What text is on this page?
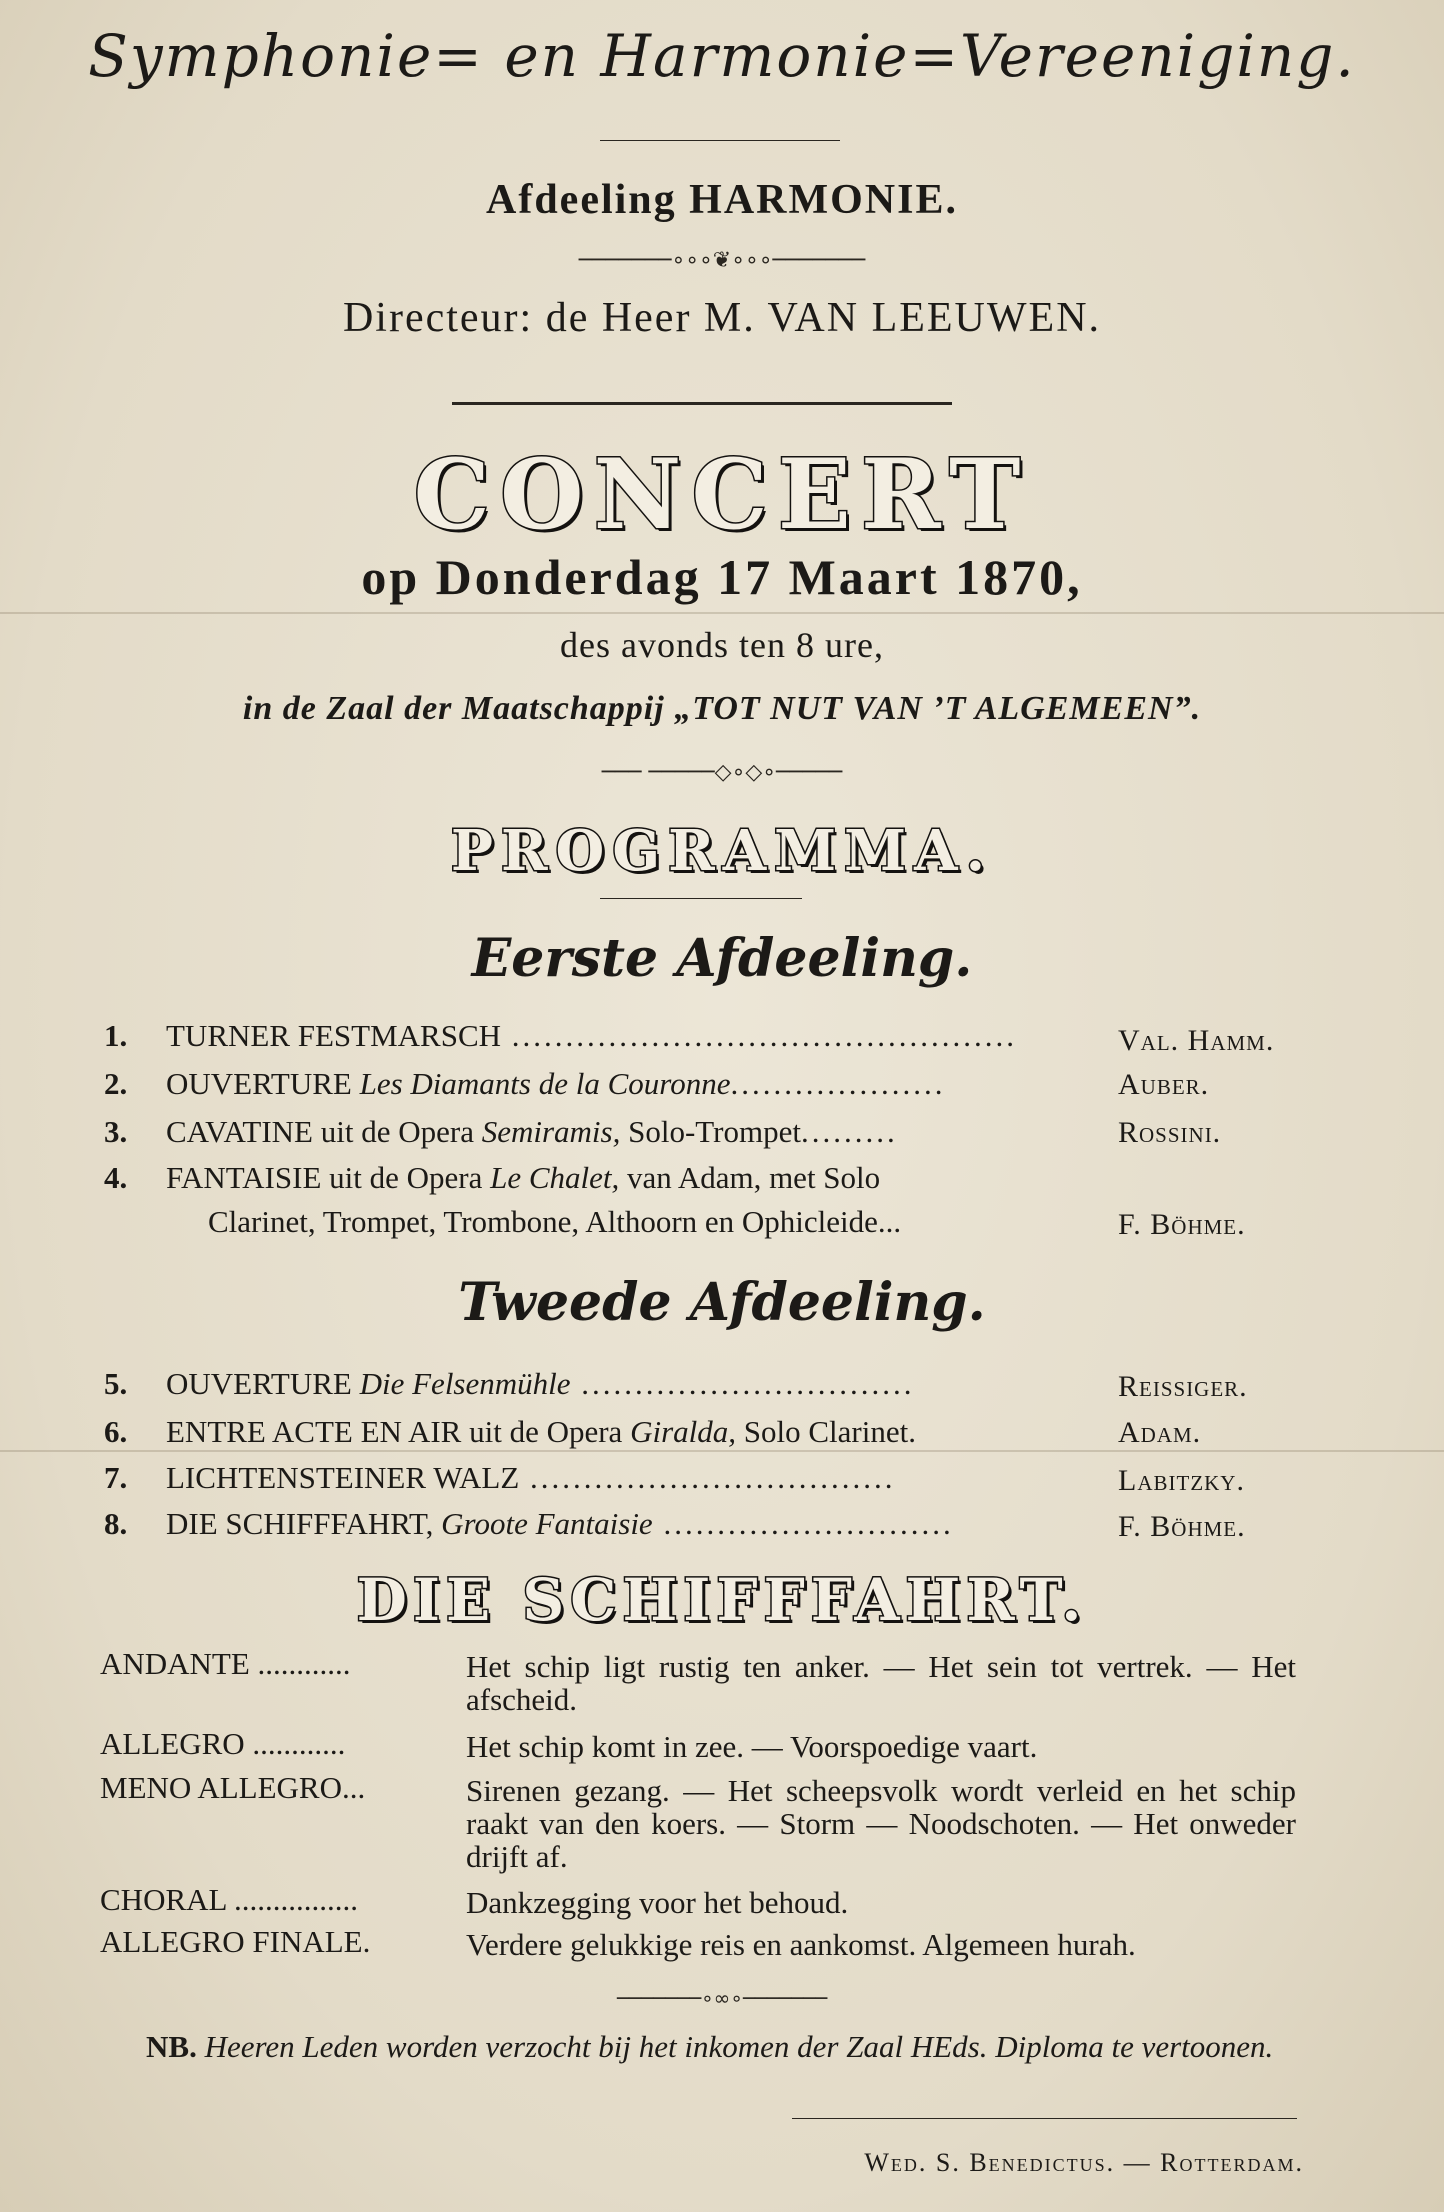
Symphonie= en Harmonie=Vereeniging.
Afdeeling HARMONIE.
───────∘∘∘❦∘∘∘───────
Directeur: de Heer M. VAN LEEUWEN.
CONCERT
op Donderdag 17 Maart 1870,
des avonds ten 8 ure,
in de Zaal der Maatschappij „TOT NUT VAN ’T ALGEMEEN”.
─── ─────◇∘◇∘─────
PROGRAMMA.
Eerste Afdeeling.
1. TURNER FESTMARSCH ...............................................	Val. Hamm.
2. OUVERTURE Les Diamants de la Couronne....................	Auber.
3. CAVATINE uit de Opera Semiramis, Solo-Trompet.........	Rossini.
4. FANTAISIE uit de Opera Le Chalet, van Adam, met Solo
Clarinet, Trompet, Trombone, Althoorn en Ophicleide...	F. Böhme.
Tweede Afdeeling.
5. OUVERTURE Die Felsenmühle ...............................	Reissiger.
6. ENTRE ACTE EN AIR uit de Opera Giralda, Solo Clarinet.	Adam.
7. LICHTENSTEINER WALZ ..................................	Labitzky.
8. DIE SCHIFFFAHRT, Groote Fantaisie ...........................	F. Böhme.
DIE SCHIFFFAHRT.
ANDANTE ............	Het schip ligt rustig ten anker. — Het sein tot vertrek. — Het afscheid.
ALLEGRO ............	Het schip komt in zee. — Voorspoedige vaart.
MENO ALLEGRO...	Sirenen gezang. — Het scheepsvolk wordt verleid en het schip raakt van den koers. — Storm — Noodschoten. — Het onweder drijft af.
CHORAL ................	Dankzegging voor het behoud.
ALLEGRO FINALE.	Verdere gelukkige reis en aankomst. Algemeen hurah.
───────∘∞∘───────
NB. Heeren Leden worden verzocht bij het inkomen der Zaal HEds. Diploma te vertoonen.
Wed. S. Benedictus. — Rotterdam.
